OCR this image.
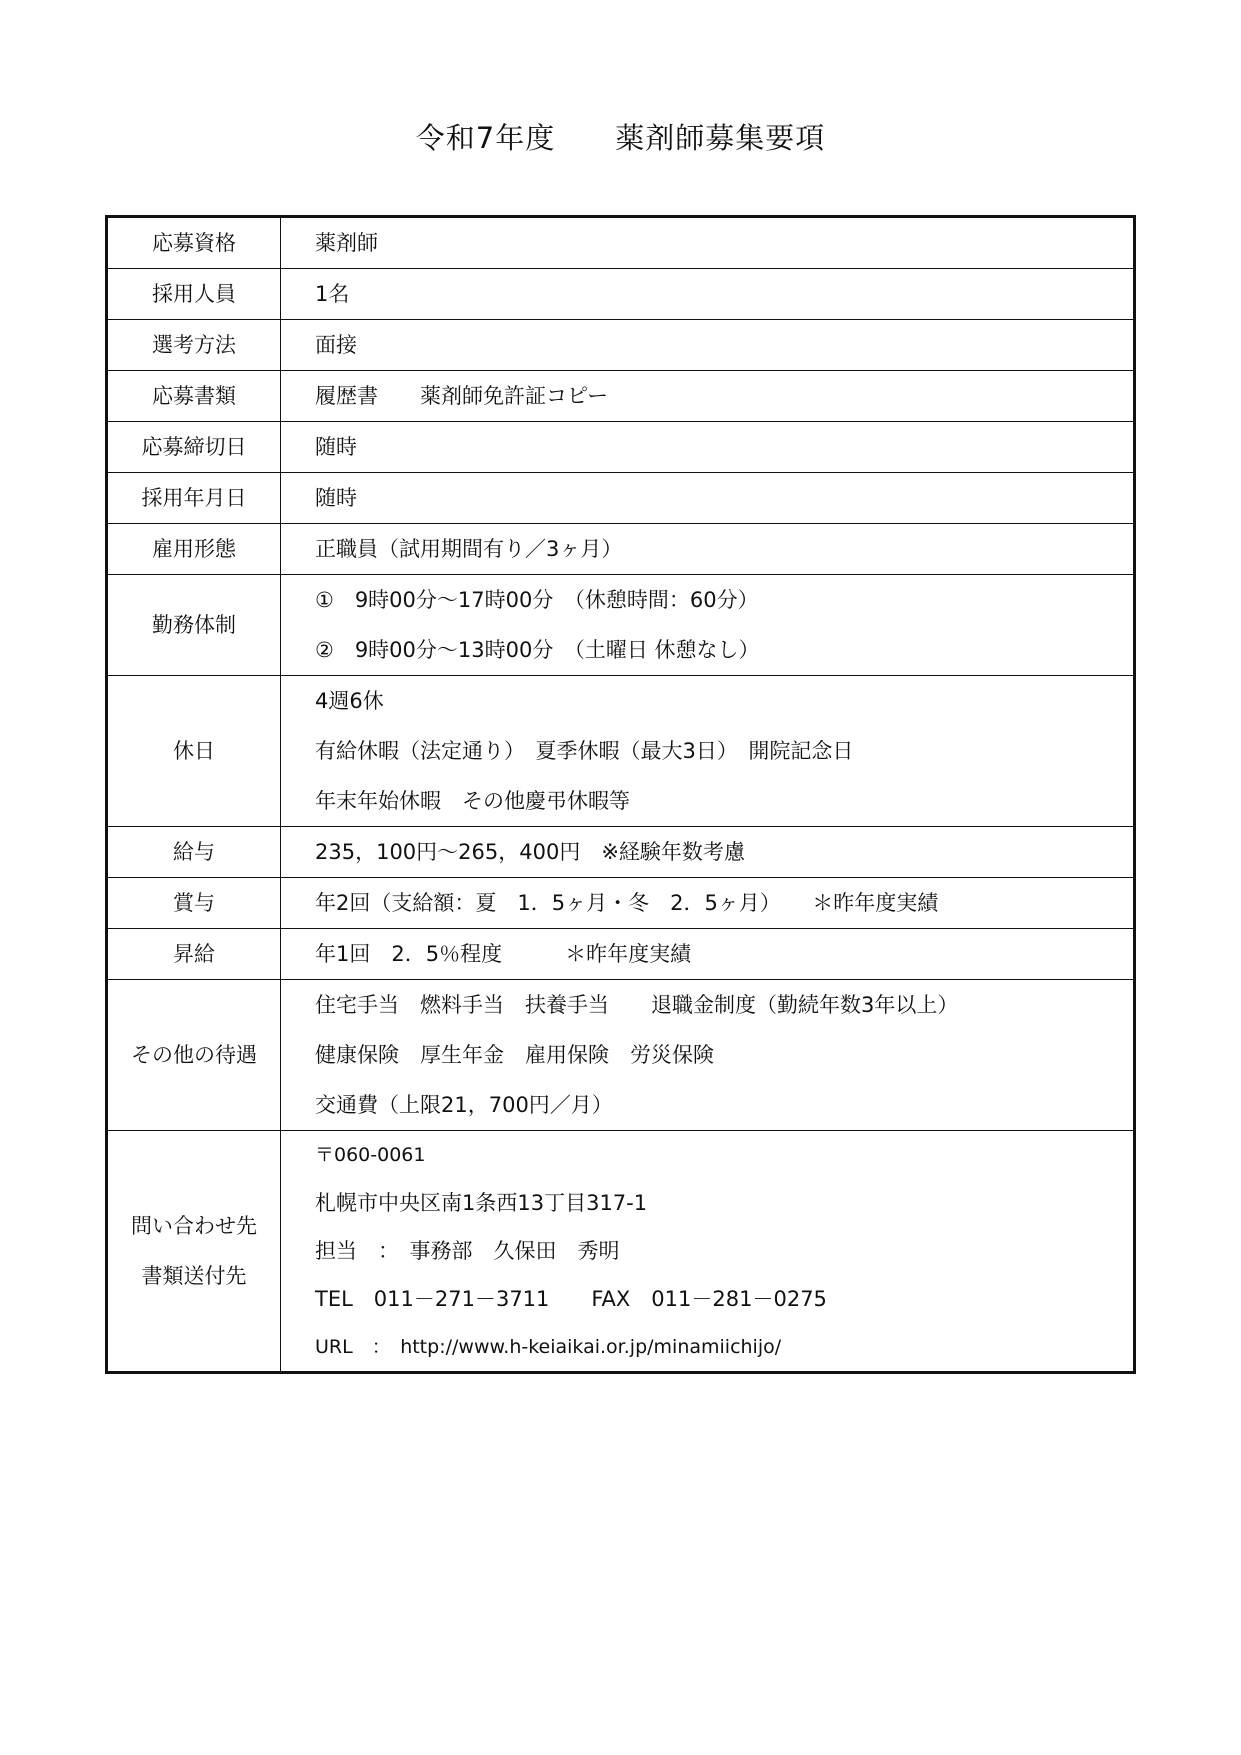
令和7年度　　薬剤師募集要項
応募資格	薬剤師

採用人員	1名

選考方法	面接

応募書類	履歴書　　薬剤師免許証コピー

応募締切日	随時

採用年月日	随時

雇用形態	正職員（試用期間有り／3ヶ月）

勤務体制	①　9時00分～17時00分　（休憩時間：60分）
②　9時00分～13時00分　（土曜日 休憩なし）

休日	4週6休
有給休暇（法定通り）　夏季休暇（最大3日）　開院記念日
年末年始休暇　その他慶弔休暇等

給与	235，100円～265，400円　※経験年数考慮

賞与	年2回（支給額：夏　1．5ヶ月・冬　2．5ヶ月）　　＊昨年度実績

昇給	年1回　2．5％程度　　　＊昨年度実績

その他の待遇	住宅手当　燃料手当　扶養手当　　退職金制度（勤続年数3年以上）
健康保険　厚生年金　雇用保険　労災保険
交通費（上限21，700円／月）

問い合わせ先
書類送付先	〒060-0061
札幌市中央区南1条西13丁目317-1
担当　：　事務部　久保田　秀明
TEL　011－271－3711　　FAX　011－281－0275
URL　：　http://www.h-keiaikai.or.jp/minamiichijo/
